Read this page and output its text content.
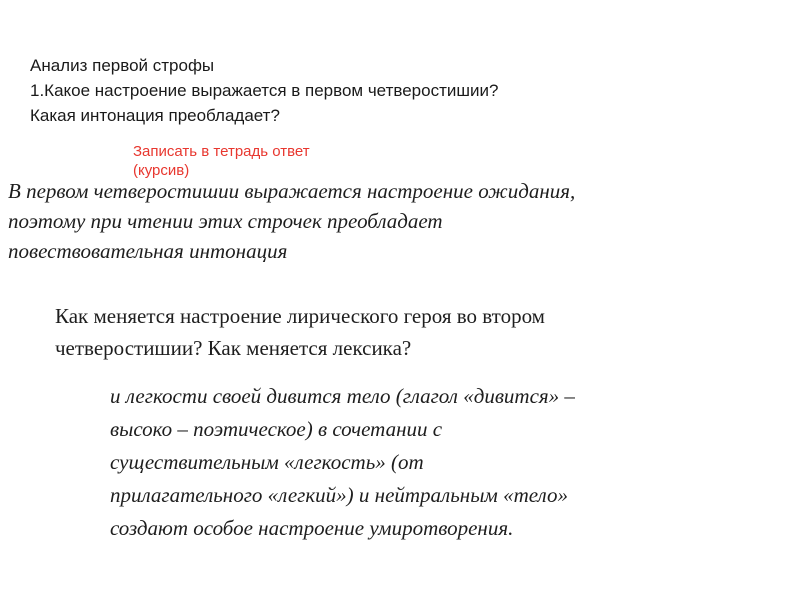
Анализ первой строфы
1.Какое настроение выражается в первом четверостишии?
Какая интонация преобладает?
Записать в тетрадь ответ
(курсив)
В первом четверостишии выражается настроение ожидания,
поэтому при чтении этих строчек преобладает
повествовательная интонация
Как меняется настроение лирического героя во втором
четверостишии? Как меняется лексика?
и легкости своей дивится тело (глагол «дивится» –
высоко – поэтическое) в сочетании с
существительным «легкость» (от
прилагательного «легкий») и нейтральным «тело»
создают особое настроение умиротворения.
